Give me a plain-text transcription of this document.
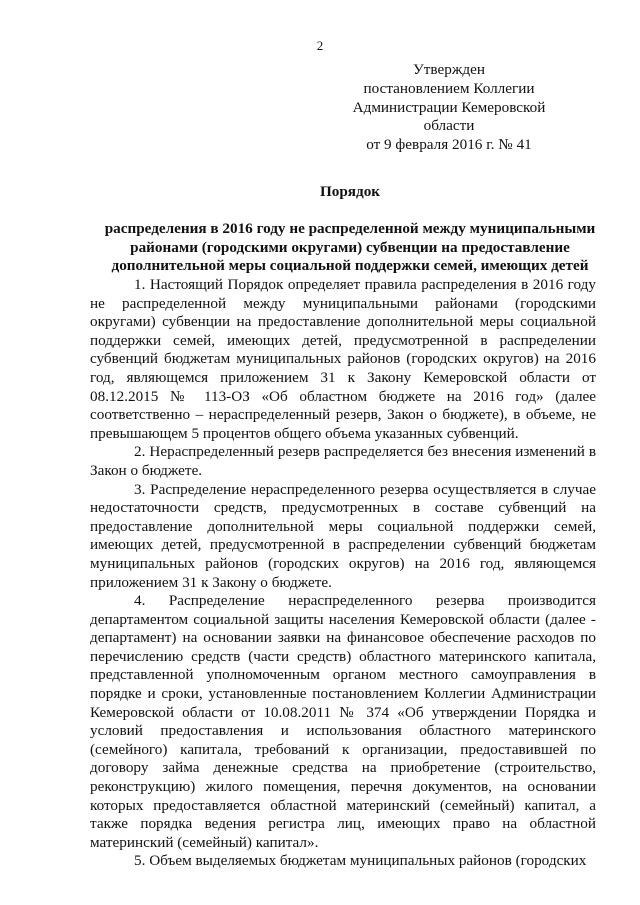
2
Утвержден
постановлением Коллегии
Администрации Кемеровской области
от 9 февраля 2016 г. № 41
Порядок
распределения в 2016 году не распределенной между муниципальными
районами (городскими округами) субвенции на предоставление
дополнительной меры социальной поддержки семей, имеющих детей

1. Настоящий Порядок определяет правила распределения в 2016 году не распределенной между муниципальными районами (городскими округами) субвенции на предоставление дополнительной меры социальной поддержки семей, имеющих детей, предусмотренной в распределении субвенций бюджетам муниципальных районов (городских округов) на 2016 год, являющемся приложением 31 к Закону Кемеровской области от 08.12.2015 № 113-ОЗ «Об областном бюджете на 2016 год» (далее соответственно – нераспределенный резерв, Закон о бюджете), в объеме, не превышающем 5 процентов общего объема указанных субвенций.

2. Нераспределенный резерв распределяется без внесения изменений в Закон о бюджете.

3. Распределение нераспределенного резерва осуществляется в случае недостаточности средств, предусмотренных в составе субвенций на предоставление дополнительной меры социальной поддержки семей, имеющих детей, предусмотренной в распределении субвенций бюджетам муниципальных районов (городских округов) на 2016 год, являющемся приложением 31 к Закону о бюджете.

4. Распределение нераспределенного резерва производится департаментом социальной защиты населения Кемеровской области (далее - департамент) на основании заявки на финансовое обеспечение расходов по перечислению средств (части средств) областного материнского капитала, представленной уполномоченным органом местного самоуправления в порядке и сроки, установленные постановлением Коллегии Администрации Кемеровской области от 10.08.2011 № 374 «Об утверждении Порядка и условий предоставления и использования областного материнского (семейного) капитала, требований к организации, предоставившей по договору займа денежные средства на приобретение (строительство, реконструкцию) жилого помещения, перечня документов, на основании которых предоставляется областной материнский (семейный) капитал, а также порядка ведения регистра лиц, имеющих право на областной материнский (семейный) капитал».

5. Объем выделяемых бюджетам муниципальных районов (городских
